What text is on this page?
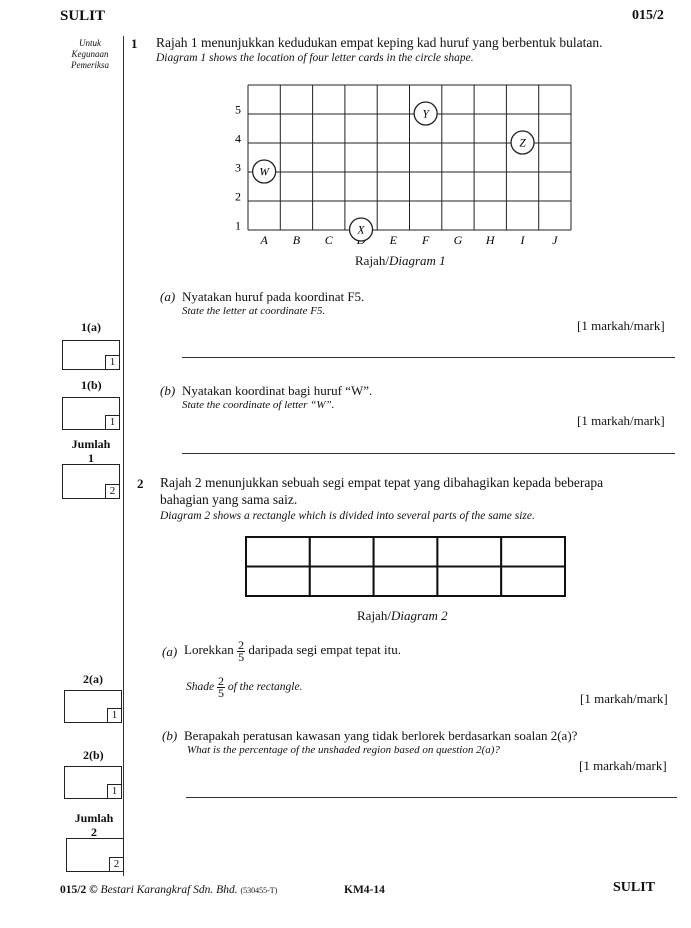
SULIT	015/2
Untuk
Kegunaan
Pemeriksa
1 Rajah 1 menunjukkan kedudukan empat keping kad huruf yang berbentuk bulatan.
Diagram 1 shows the location of four letter cards in the circle shape.
A B C	E F G H I J
1
2
3
4
5	Y
Z
W
X
Rajah/Diagram 1
(a) Nyatakan huruf pada koordinat F5.
State the letter at coordinate F5.
[1 markah/mark]
(b) Nyatakan koordinat bagi huruf “W”.
State the coordinate of letter “W”.
[1 markah/mark]
1(a)
1
1(b)
1
Jumlah
1
2 2 Rajah 2 menunjukkan sebuah segi empat tepat yang dibahagikan kepada beberapa
bahagian yang sama saiz.
Diagram 2 shows a rectangle which is divided into several parts of the same size.
Rajah/Diagram 2
(a) Lorekkan $\frac{2}{5}$ daripada segi empat tepat itu.
Shade $\frac{2}{5}$ of the rectangle.
[1 markah/mark]
(b) Berapakah peratusan kawasan yang tidak berlorek berdasarkan soalan 2(a)?
What is the percentage of the unshaded region based on question 2(a)?
[1 markah/mark]
2(a)
1
2(b)
1
Jumlah
2
2
015/2 © Bestari Karangkraf Sdn. Bhd. (530455-T)	KM4-14	SULIT
